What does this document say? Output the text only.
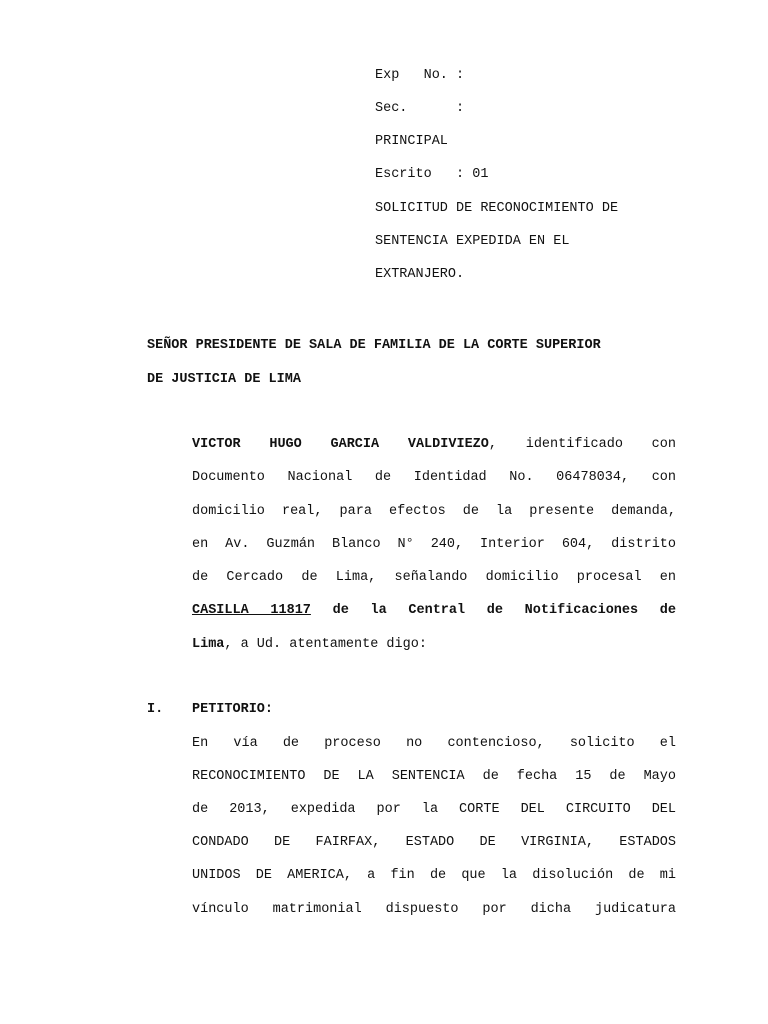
Exp   No. :
Sec.      :
PRINCIPAL
Escrito   : 01
SOLICITUD DE RECONOCIMIENTO DE
SENTENCIA EXPEDIDA EN EL
EXTRANJERO.
SEÑOR PRESIDENTE DE SALA DE FAMILIA DE LA CORTE SUPERIOR
DE JUSTICIA DE LIMA
VICTOR HUGO GARCIA VALDIVIEZO, identificado con
Documento Nacional de Identidad No. 06478034, con
domicilio real, para efectos de la presente demanda,
en Av. Guzmán Blanco N° 240, Interior 604, distrito
de Cercado de Lima, señalando domicilio procesal en
CASILLA 11817 de la Central de Notificaciones de
Lima, a Ud. atentamente digo:
I. PETITORIO:
En vía de proceso no contencioso, solicito el
RECONOCIMIENTO DE LA SENTENCIA de fecha 15 de Mayo
de 2013, expedida por la CORTE DEL CIRCUITO DEL
CONDADO DE FAIRFAX, ESTADO DE VIRGINIA, ESTADOS
UNIDOS DE AMERICA, a fin de que la disolución de mi
vínculo matrimonial dispuesto por dicha judicatura
